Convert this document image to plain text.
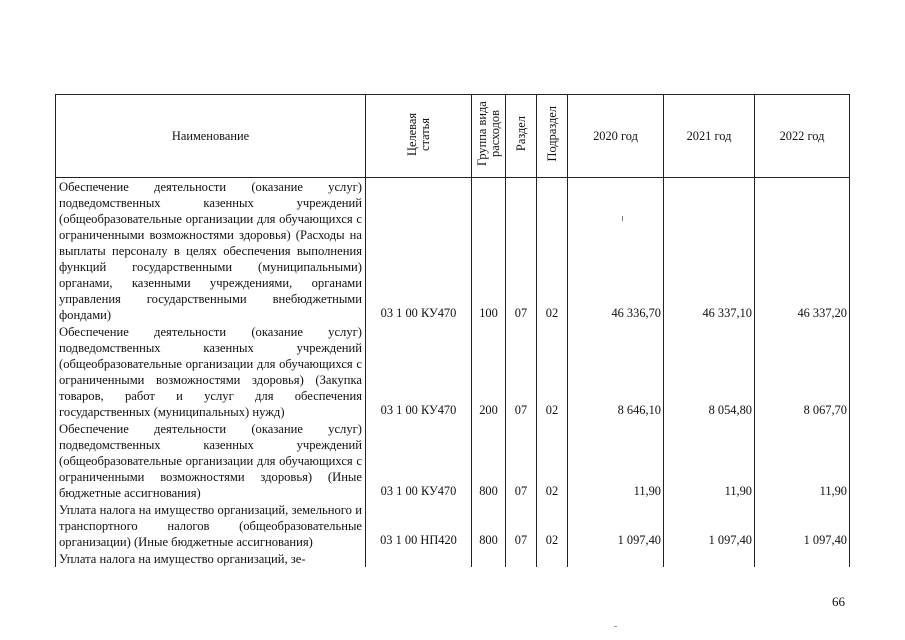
Наименование	Целевая статья	Группа вида расходов	Раздел	Подраздел	2020 год	2021 год	2022 год
Обеспечение деятельности (оказание услуг) подведомственных казенных учреждений (общеобразовательные организации для обучающихся с ограниченными возможностями здоровья) (Расходы на выплаты персоналу в целях обеспечения выполнения функций государственными (муниципальными) органами, казенными учреждениями, органами управления государственными внебюджетными фондами)	03 1 00 КУ470	100	07	02	46 336,70	46 337,10	46 337,20
Обеспечение деятельности (оказание услуг) подведомственных казенных учреждений (общеобразовательные организации для обучающихся с ограниченными возможностями здоровья) (Закупка товаров, работ и услуг для обеспечения государственных (муниципальных) нужд)	03 1 00 КУ470	200	07	02	8 646,10	8 054,80	8 067,70
Обеспечение деятельности (оказание услуг) подведомственных казенных учреждений (общеобразовательные организации для обучающихся с ограниченными возможностями здоровья) (Иные бюджетные ассигнования)	03 1 00 КУ470	800	07	02	11,90	11,90	11,90
Уплата налога на имущество организаций, земельного и транспортного налогов (общеобразовательные организации) (Иные бюджетные ассигнования)	03 1 00 НП420	800	07	02	1 097,40	1 097,40	1 097,40
Уплата налога на имущество организаций, зе-							
66
